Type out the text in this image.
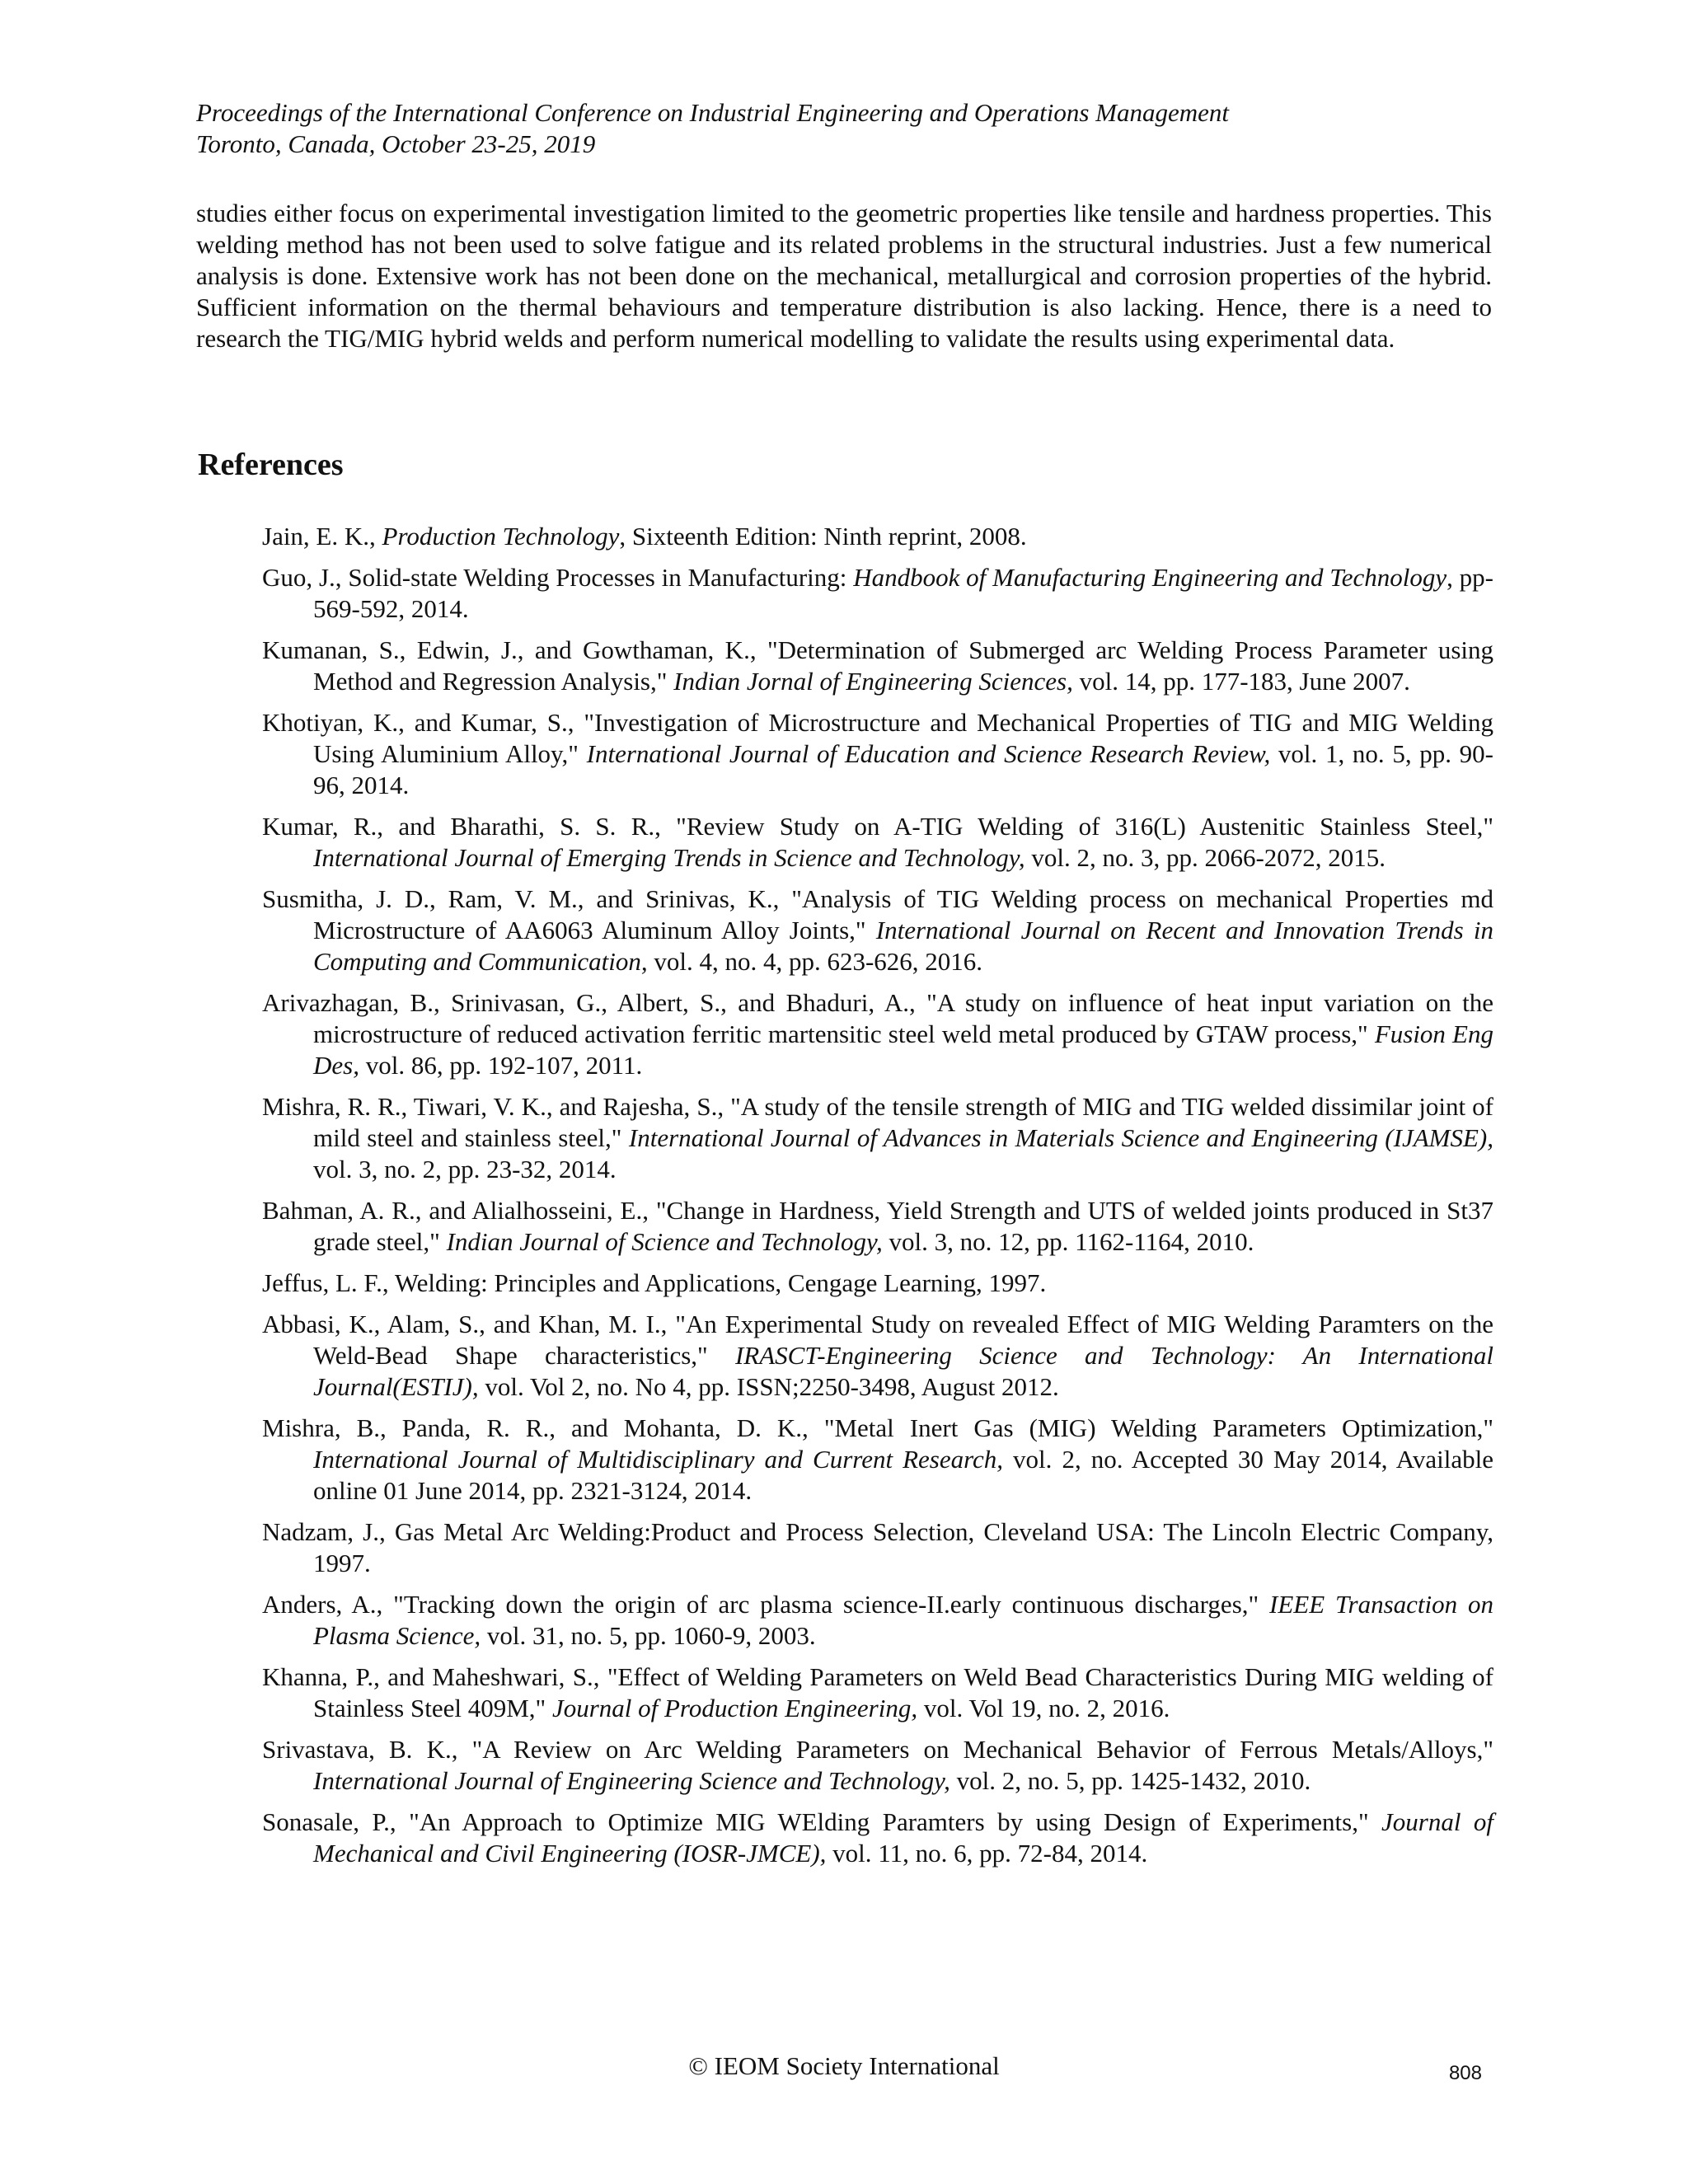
Proceedings of the International Conference on Industrial Engineering and Operations Management
Toronto, Canada, October 23-25, 2019
studies either focus on experimental investigation limited to the geometric properties like tensile and hardness properties. This welding method has not been used to solve fatigue and its related problems in the structural industries. Just a few numerical analysis is done. Extensive work has not been done on the mechanical, metallurgical and corrosion properties of the hybrid. Sufficient information on the thermal behaviours and temperature distribution is also lacking. Hence, there is a need to research the TIG/MIG hybrid welds and perform numerical modelling to validate the results using experimental data.
References
Jain, E. K., Production Technology, Sixteenth Edition: Ninth reprint, 2008.
Guo, J., Solid-state Welding Processes in Manufacturing: Handbook of Manufacturing Engineering and Technology, pp-569-592, 2014.
Kumanan, S., Edwin, J., and Gowthaman, K., "Determination of Submerged arc Welding Process Parameter using Method and Regression Analysis," Indian Jornal of Engineering Sciences, vol. 14, pp. 177-183, June 2007.
Khotiyan, K., and Kumar, S., "Investigation of Microstructure and Mechanical Properties of TIG and MIG Welding Using Aluminium Alloy," International Journal of Education and Science Research Review, vol. 1, no. 5, pp. 90-96, 2014.
Kumar, R., and Bharathi, S. S. R., "Review Study on A-TIG Welding of 316(L) Austenitic Stainless Steel," International Journal of Emerging Trends in Science and Technology, vol. 2, no. 3, pp. 2066-2072, 2015.
Susmitha, J. D., Ram, V. M., and Srinivas, K., "Analysis of TIG Welding process on mechanical Properties md Microstructure of AA6063 Aluminum Alloy Joints," International Journal on Recent and Innovation Trends in Computing and Communication, vol. 4, no. 4, pp. 623-626, 2016.
Arivazhagan, B., Srinivasan, G., Albert, S., and Bhaduri, A., "A study on influence of heat input variation on the microstructure of reduced activation ferritic martensitic steel weld metal produced by GTAW process," Fusion Eng Des, vol. 86, pp. 192-107, 2011.
Mishra, R. R., Tiwari, V. K., and Rajesha, S., "A study of the tensile strength of MIG and TIG welded dissimilar joint of mild steel and stainless steel," International Journal of Advances in Materials Science and Engineering (IJAMSE), vol. 3, no. 2, pp. 23-32, 2014.
Bahman, A. R., and Alialhosseini, E., "Change in Hardness, Yield Strength and UTS of welded joints produced in St37 grade steel," Indian Journal of Science and Technology, vol. 3, no. 12, pp. 1162-1164, 2010.
Jeffus, L. F., Welding: Principles and Applications, Cengage Learning, 1997.
Abbasi, K., Alam, S., and Khan, M. I., "An Experimental Study on revealed Effect of MIG Welding Paramters on the Weld-Bead Shape characteristics," IRASCT-Engineering Science and Technology: An International Journal(ESTIJ), vol. Vol 2, no. No 4, pp. ISSN;2250-3498, August 2012.
Mishra, B., Panda, R. R., and Mohanta, D. K., "Metal Inert Gas (MIG) Welding Parameters Optimization," International Journal of Multidisciplinary and Current Research, vol. 2, no. Accepted 30 May 2014, Available online 01 June 2014, pp. 2321-3124, 2014.
Nadzam, J., Gas Metal Arc Welding:Product and Process Selection, Cleveland USA: The Lincoln Electric Company, 1997.
Anders, A., "Tracking down the origin of arc plasma science-II.early continuous discharges," IEEE Transaction on Plasma Science, vol. 31, no. 5, pp. 1060-9, 2003.
Khanna, P., and Maheshwari, S., "Effect of Welding Parameters on Weld Bead Characteristics During MIG welding of Stainless Steel 409M," Journal of Production Engineering, vol. Vol 19, no. 2, 2016.
Srivastava, B. K., "A Review on Arc Welding Parameters on Mechanical Behavior of Ferrous Metals/Alloys," International Journal of Engineering Science and Technology, vol. 2, no. 5, pp. 1425-1432, 2010.
Sonasale, P., "An Approach to Optimize MIG WElding Paramters by using Design of Experiments," Journal of Mechanical and Civil Engineering (IOSR-JMCE), vol. 11, no. 6, pp. 72-84, 2014.
© IEOM Society International	808
